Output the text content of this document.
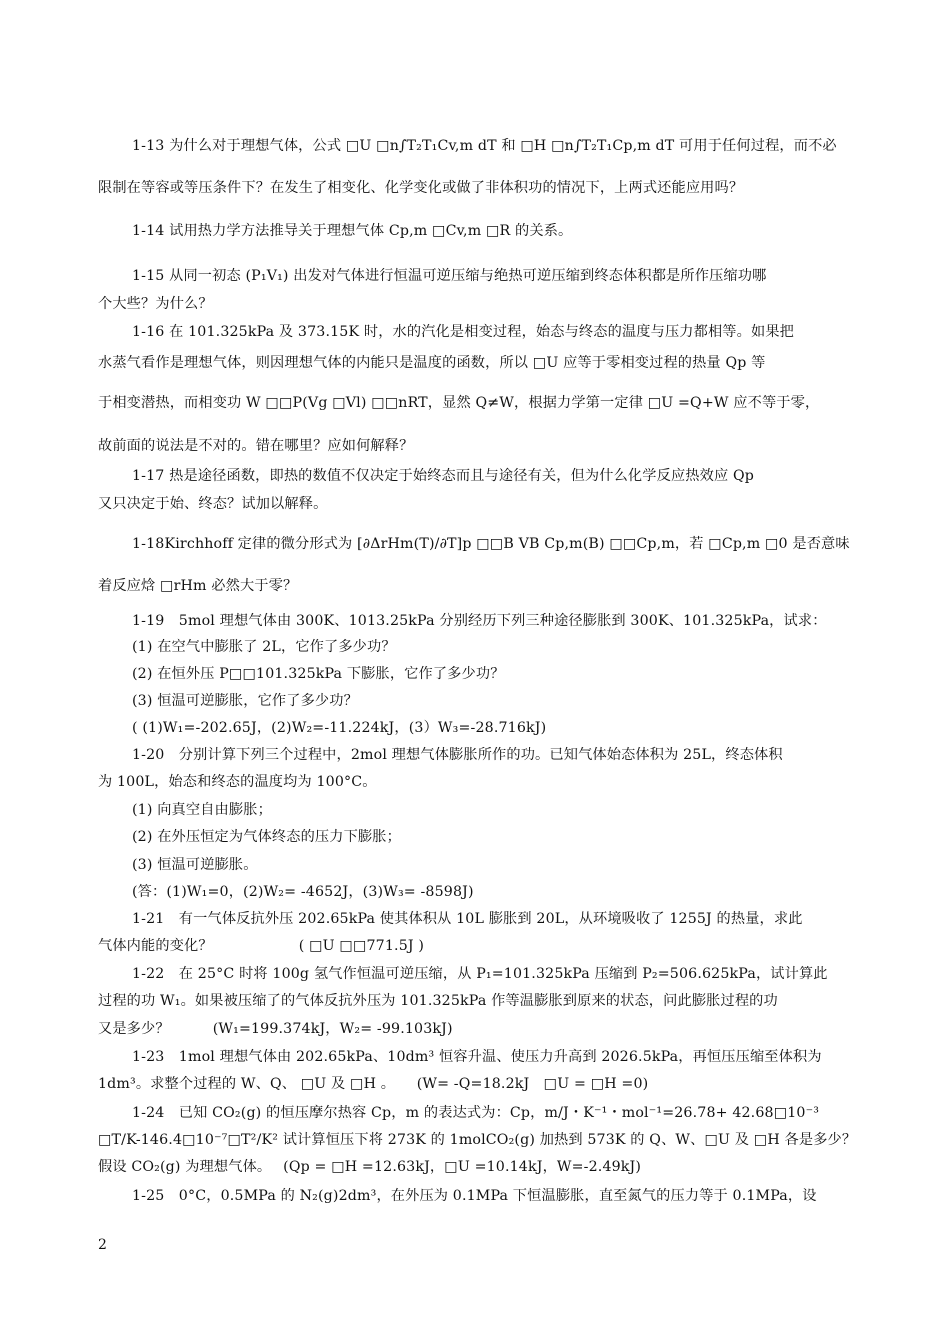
1-13 为什么对于理想气体，公式 □U □n∫T₂T₁Cv,m dT 和 □H □n∫T₂T₁Cp,m dT 可用于任何过程，而不必
限制在等容或等压条件下？在发生了相变化、化学变化或做了非体积功的情况下，上两式还能应用吗？
1-14 试用热力学方法推导关于理想气体 Cp,m □Cv,m □R 的关系。
1-15 从同一初态 (P₁V₁) 出发对气体进行恒温可逆压缩与绝热可逆压缩到终态体积都是所作压缩功哪
个大些？为什么？
1-16 在 101.325kPa 及 373.15K 时，水的汽化是相变过程，始态与终态的温度与压力都相等。如果把
水蒸气看作是理想气体，则因理想气体的内能只是温度的函数，所以 □U 应等于零相变过程的热量 Qp 等
于相变潜热，而相变功 W □□P(Vg □Vl) □□nRT，显然 Q≠W，根据力学第一定律 □U =Q+W 应不等于零，
故前面的说法是不对的。错在哪里？应如何解释？
1-17 热是途径函数，即热的数值不仅决定于始终态而且与途径有关，但为什么化学反应热效应 Qp
又只决定于始、终态？试加以解释。
1-18Kirchhoff 定律的微分形式为 [∂ΔrHm(T)/∂T]p □□B VB Cp,m(B) □□Cp,m，若 □Cp,m □0 是否意味
着反应焓 □rHm 必然大于零？
1-19　5mol 理想气体由 300K、1013.25kPa 分别经历下列三种途径膨胀到 300K、101.325kPa，试求：
(1) 在空气中膨胀了 2L，它作了多少功？
(2) 在恒外压 P□□101.325kPa 下膨胀，它作了多少功？
(3) 恒温可逆膨胀，它作了多少功？
( (1)W₁=-202.65J，(2)W₂=-11.224kJ，(3）W₃=-28.716kJ)
1-20　分别计算下列三个过程中，2mol 理想气体膨胀所作的功。已知气体始态体积为 25L，终态体积
为 100L，始态和终态的温度均为 100°C。
(1) 向真空自由膨胀；
(2) 在外压恒定为气体终态的压力下膨胀；
(3) 恒温可逆膨胀。
(答：(1)W₁=0，(2)W₂= -4652J，(3)W₃= -8598J)
1-21　有一气体反抗外压 202.65kPa 使其体积从 10L 膨胀到 20L，从环境吸收了 1255J 的热量，求此
气体内能的变化？　　　　　　( □U □□771.5J )
1-22　在 25°C 时将 100g 氢气作恒温可逆压缩，从 P₁=101.325kPa 压缩到 P₂=506.625kPa，试计算此
过程的功 W₁。如果被压缩了的气体反抗外压为 101.325kPa 作等温膨胀到原来的状态，问此膨胀过程的功
又是多少？　　　(W₁=199.374kJ，W₂= -99.103kJ)
1-23　1mol 理想气体由 202.65kPa、10dm³ 恒容升温、使压力升高到 2026.5kPa，再恒压压缩至体积为
1dm³。求整个过程的 W、Q、 □U 及 □H 。　　(W= -Q=18.2kJ　□U = □H =0)
1-24　已知 CO₂(g) 的恒压摩尔热容 Cp，m 的表达式为：Cp，m/J・K⁻¹・mol⁻¹=26.78+ 42.68□10⁻³
□T/K-146.4□10⁻⁷□T²/K² 试计算恒压下将 273K 的 1molCO₂(g) 加热到 573K 的 Q、W、□U 及 □H 各是多少？
假设 CO₂(g) 为理想气体。　 (Qp = □H =12.63kJ，□U =10.14kJ，W=-2.49kJ)
1-25　0°C，0.5MPa 的 N₂(g)2dm³，在外压为 0.1MPa 下恒温膨胀，直至氮气的压力等于 0.1MPa，设
2
